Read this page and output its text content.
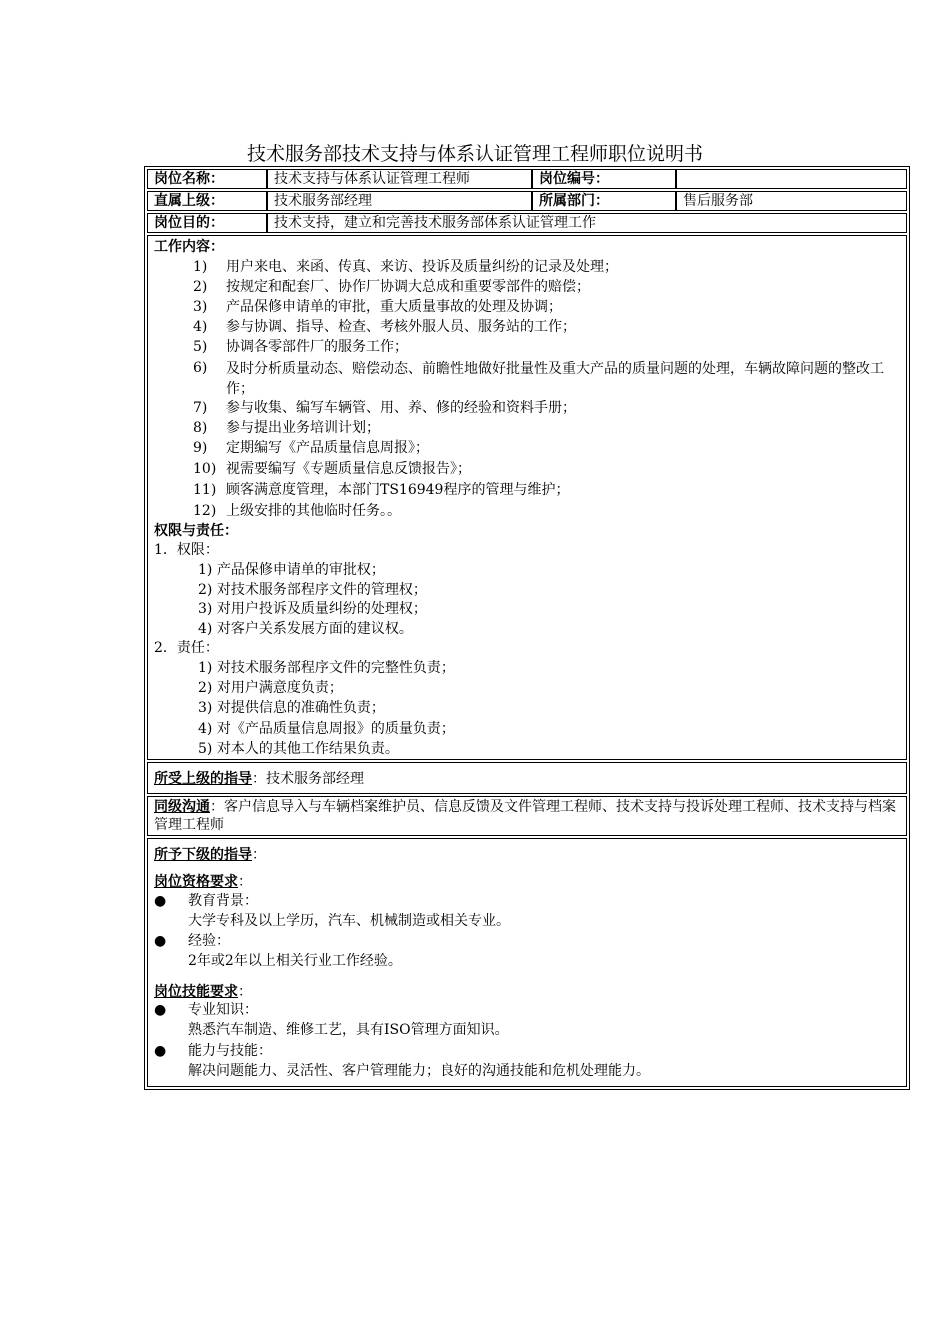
技术服务部技术支持与体系认证管理工程师职位说明书
岗位名称：	技术支持与体系认证管理工程师	岗位编号：
直属上级：	技术服务部经理	所属部门：	售后服务部
岗位目的：	技术支持，建立和完善技术服务部体系认证管理工作
工作内容：
1) 用户来电、来函、传真、来访、投诉及质量纠纷的记录及处理；
2) 按规定和配套厂、协作厂协调大总成和重要零部件的赔偿；
3) 产品保修申请单的审批，重大质量事故的处理及协调；
4) 参与协调、指导、检查、考核外服人员、服务站的工作；
5) 协调各零部件厂的服务工作；
6) 及时分析质量动态、赔偿动态、前瞻性地做好批量性及重大产品的质量问题的处理，车辆故障问题的整改工作；
7) 参与收集、编写车辆管、用、养、修的经验和资料手册；
8) 参与提出业务培训计划；
9) 定期编写《产品质量信息周报》；
10) 视需要编写《专题质量信息反馈报告》；
11) 顾客满意度管理，本部门TS16949程序的管理与维护；
12) 上级安排的其他临时任务。。
权限与责任：
1．权限：
1) 产品保修申请单的审批权；
2) 对技术服务部程序文件的管理权；
3) 对用户投诉及质量纠纷的处理权；
4) 对客户关系发展方面的建议权。
2．责任：
1) 对技术服务部程序文件的完整性负责；
2) 对用户满意度负责；
3) 对提供信息的准确性负责；
4) 对《产品质量信息周报》的质量负责；
5) 对本人的其他工作结果负责。
所受上级的指导：技术服务部经理
同级沟通：客户信息导入与车辆档案维护员、信息反馈及文件管理工程师、技术支持与投诉处理工程师、技术支持与档案管理工程师
所予下级的指导：
岗位资格要求：
● 教育背景：
大学专科及以上学历，汽车、机械制造或相关专业。
● 经验：
2年或2年以上相关行业工作经验。
岗位技能要求：
● 专业知识：
熟悉汽车制造、维修工艺，具有ISO管理方面知识。
● 能力与技能：
解决问题能力、灵活性、客户管理能力；良好的沟通技能和危机处理能力。
